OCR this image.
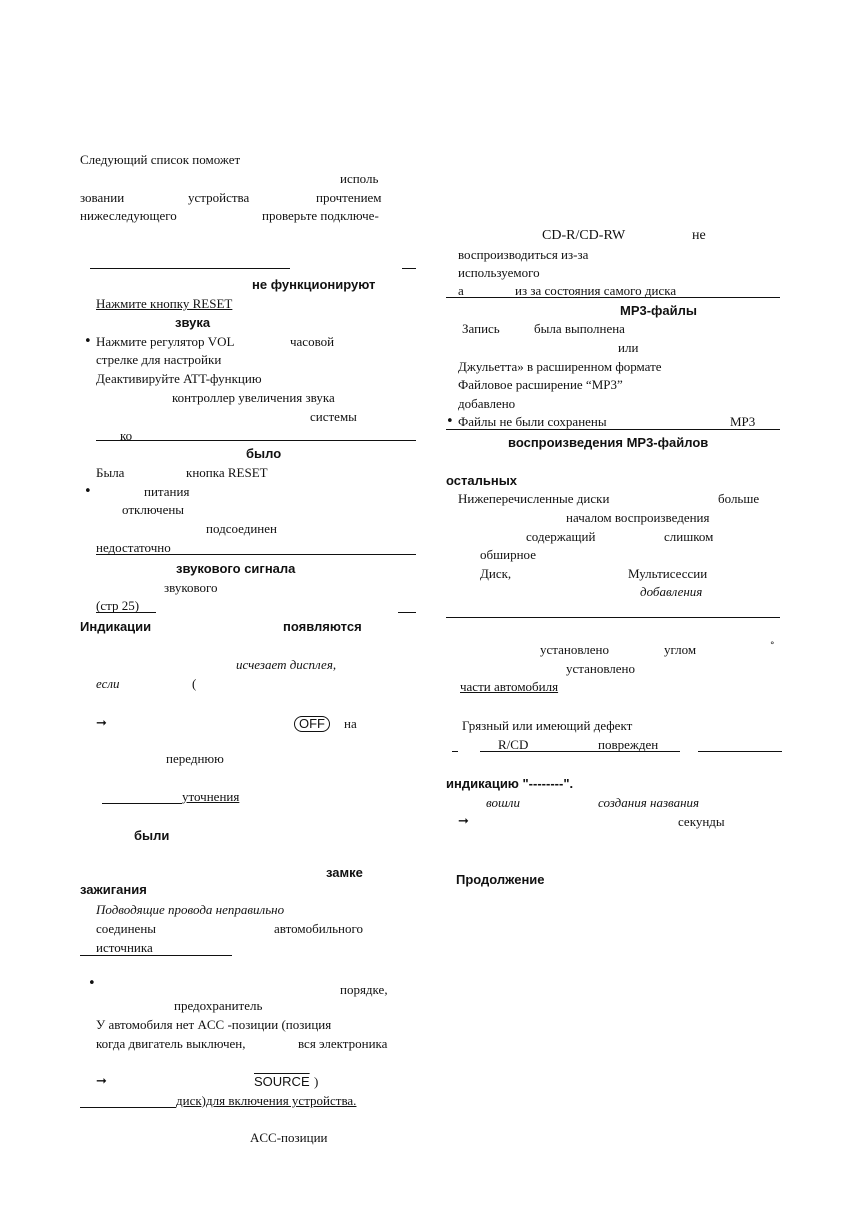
Следующий список поможет
исполь
зовании	устройства	прочтением
нижеследующего	проверьте подключе-
не функционируют
Нажмите кнопку RESET
звука
• Нажмите регулятор VOL	часовой
стрелке для настройки
Деактивируйте ATT-функцию
контроллер увеличения звука
системы
ко
было
Была	кнопка RESET
•	питания
отключены
подсоединен
недостаточно
звукового сигнала
звукового
(стр 25)
Индикации	появляются
исчезает дисплея,
если	(
➞	OFF	на
переднюю
уточнения
были
замке
зажигания
Подводящие провода неправильно
соединены	автомобильного
источника
•	порядке,
предохранитель
У автомобиля нет ACC -позиции (позиция
когда двигатель выключен,	вся электроника
➞	SOURCE )
диск)для включения устройства.
ACC-позиции
CD-R/CD-RW	не
воспроизводиться из-за
используемого
а	из за состояния самого диска
MP3-файлы
Запись	была выполнена
или
Джульетта» в расширенном формате
Файловое расширение “MP3”
добавлено
• Файлы не были сохранены	MP3
воспроизведения MP3-файлов
остальных
Нижеперечисленные диски	больше
началом воспроизведения
содержащий	слишком
обширное
Диск,	Мультисессии
добавления
установлено	углом	°
установлено
части автомобиля
Грязный или имеющий дефект
R/CD	поврежден
индикацию "--------".
вошли	создания названия
➞	секунды
Продолжение
